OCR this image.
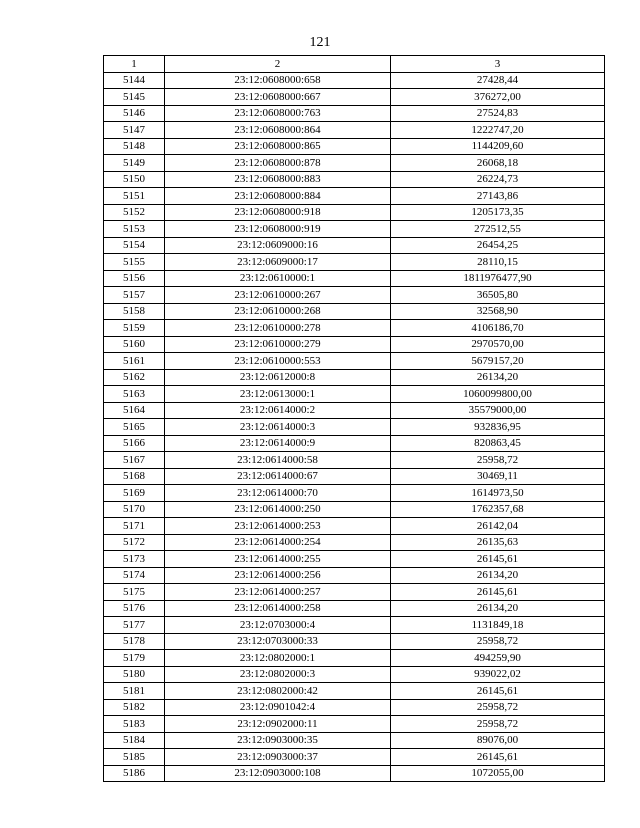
121
1	2	3
5144	23:12:0608000:658	27428,44
5145	23:12:0608000:667	376272,00
5146	23:12:0608000:763	27524,83
5147	23:12:0608000:864	1222747,20
5148	23:12:0608000:865	1144209,60
5149	23:12:0608000:878	26068,18
5150	23:12:0608000:883	26224,73
5151	23:12:0608000:884	27143,86
5152	23:12:0608000:918	1205173,35
5153	23:12:0608000:919	272512,55
5154	23:12:0609000:16	26454,25
5155	23:12:0609000:17	28110,15
5156	23:12:0610000:1	1811976477,90
5157	23:12:0610000:267	36505,80
5158	23:12:0610000:268	32568,90
5159	23:12:0610000:278	4106186,70
5160	23:12:0610000:279	2970570,00
5161	23:12:0610000:553	5679157,20
5162	23:12:0612000:8	26134,20
5163	23:12:0613000:1	1060099800,00
5164	23:12:0614000:2	35579000,00
5165	23:12:0614000:3	932836,95
5166	23:12:0614000:9	820863,45
5167	23:12:0614000:58	25958,72
5168	23:12:0614000:67	30469,11
5169	23:12:0614000:70	1614973,50
5170	23:12:0614000:250	1762357,68
5171	23:12:0614000:253	26142,04
5172	23:12:0614000:254	26135,63
5173	23:12:0614000:255	26145,61
5174	23:12:0614000:256	26134,20
5175	23:12:0614000:257	26145,61
5176	23:12:0614000:258	26134,20
5177	23:12:0703000:4	1131849,18
5178	23:12:0703000:33	25958,72
5179	23:12:0802000:1	494259,90
5180	23:12:0802000:3	939022,02
5181	23:12:0802000:42	26145,61
5182	23:12:0901042:4	25958,72
5183	23:12:0902000:11	25958,72
5184	23:12:0903000:35	89076,00
5185	23:12:0903000:37	26145,61
5186	23:12:0903000:108	1072055,00
